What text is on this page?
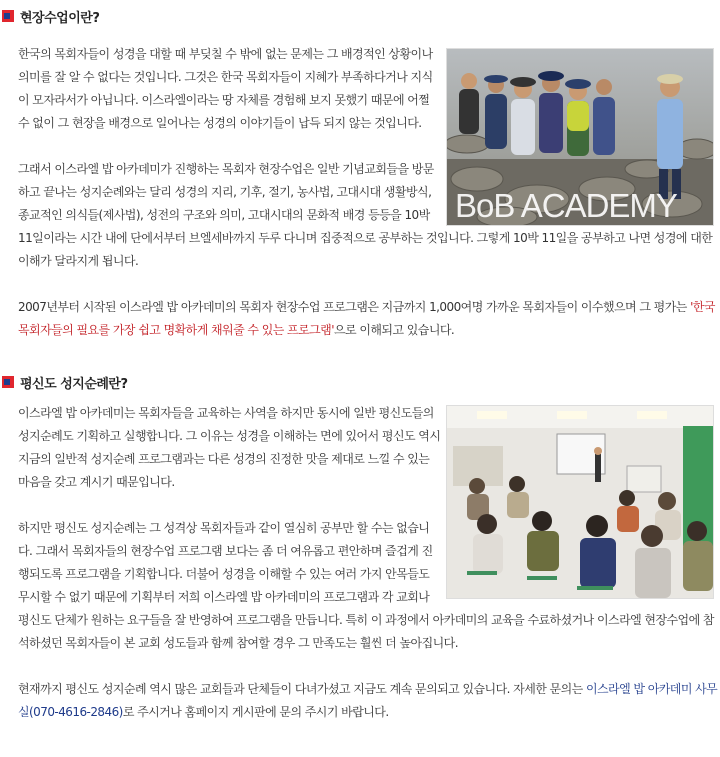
현장수업이란?
BoB ACADEMY

한국의 목회자들이 성경을 대할 때 부딪칠 수 밖에 없는 문제는 그 배경적인 상황이나 의미를 잘 알 수 없다는 것입니다. 그것은 한국 목회자들이 지혜가 부족하다거나 지식이 모자라서가 아닙니다. 이스라엘이라는 땅 자체를 경험해 보지 못했기 때문에 어쩔 수 없이 그 현장을 배경으로 일어나는 성경의 이야기들이 납득 되지 않는 것입니다.

그래서 이스라엘 밥 아카데미가 진행하는 목회자 현장수업은 일반 기념교회들을 방문하고 끝나는 성지순례와는 달리 성경의 지리, 기후, 절기, 농사법, 고대시대 생활방식, 종교적인 의식들(제사법), 성전의 구조와 의미, 고대시대의 문화적 배경 등등을 10박 11일이라는 시간 내에 단에서부터 브엘세바까지 두루 다니며 집중적으로 공부하는 것입니다. 그렇게 10박 11일을 공부하고 나면 성경에 대한 이해가 달라지게 됩니다.

2007년부터 시작된 이스라엘 밥 아카데미의 목회자 현장수업 프로그램은 지금까지 1,000여명 가까운 목회자들이 이수했으며 그 평가는 '한국목회자들의 필요를 가장 쉽고 명확하게 채워줄 수 있는 프로그램'으로 이해되고 있습니다.

평신도 성지순례란?

이스라엘 밥 아카데미는 목회자들을 교육하는 사역을 하지만 동시에 일반 평신도들의 성지순례도 기획하고 실행합니다. 그 이유는 성경을 이해하는 면에 있어서 평신도 역시 지금의 일반적 성지순례 프로그램과는 다른 성경의 진정한 맛을 제대로 느낄 수 있는 마음을 갖고 계시기 때문입니다.

하지만 평신도 성지순례는 그 성격상 목회자들과 같이 열심히 공부만 할 수는 없습니다. 그래서 목회자들의 현장수업 프로그램 보다는 좀 더 여유롭고 편안하며 즐겁게 진행되도록 프로그램을 기획합니다. 더불어 성경을 이해할 수 있는 여러 가지 안목들도 무시할 수 없기 때문에 기획부터 저희 이스라엘 밥 아카데미의 프로그램과 각 교회나 평신도 단체가 원하는 요구들을 잘 반영하여 프로그램을 만듭니다. 특히 이 과정에서 아카데미의 교육을 수료하셨거나 이스라엘 현장수업에 참석하셨던 목회자들이 본 교회 성도들과 함께 참여할 경우 그 만족도는 훨씬 더 높아집니다.

현재까지 평신도 성지순례 역시 많은 교회들과 단체들이 다녀가셨고 지금도 계속 문의되고 있습니다. 자세한 문의는 이스라엘 밥 아카데미 사무실(070-4616-2846)로 주시거나 홈페이지 게시판에 문의 주시기 바랍니다.
